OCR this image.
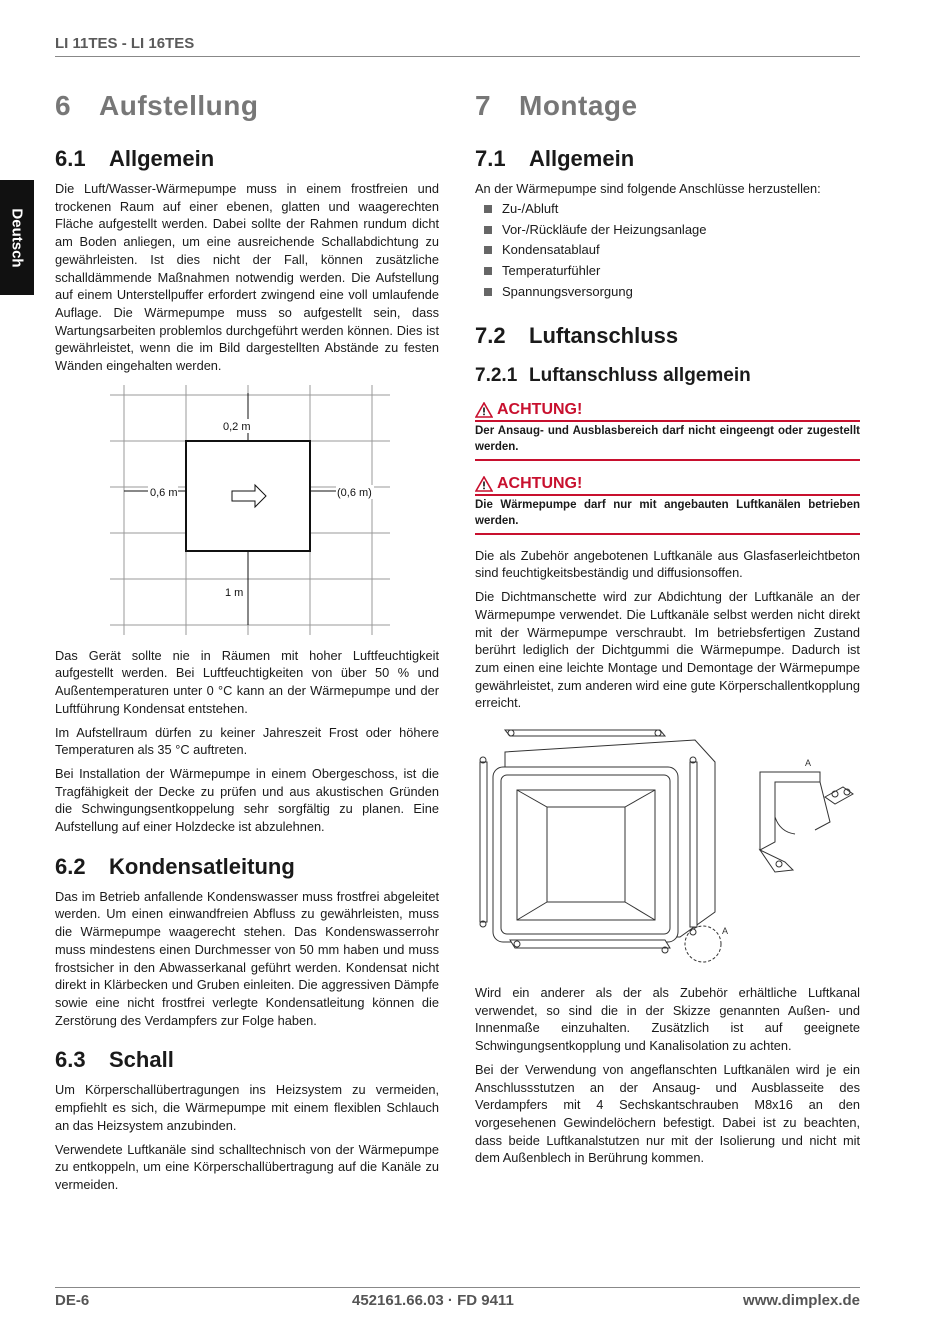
LI 11TES - LI 16TES
Deutsch
6 Aufstellung
6.1 Allgemein

Die Luft/Wasser-Wärmepumpe muss in einem frostfreien und trockenen Raum auf einer ebenen, glatten und waagerechten Fläche aufgestellt werden. Dabei sollte der Rahmen rundum dicht am Boden anliegen, um eine ausreichende Schallabdichtung zu gewährleisten. Ist dies nicht der Fall, können zusätzliche schalldämmende Maßnahmen notwendig werden. Die Aufstellung auf einem Unterstellpuffer erfordert zwingend eine voll umlaufende Auflage. Die Wärmepumpe muss so aufgestellt sein, dass Wartungsarbeiten problemlos durchgeführt werden können. Dies ist gewährleistet, wenn die im Bild dargestellten Abstände zu festen Wänden eingehalten werden.

0,2 m
0,6 m	(0,6 m)
1 m

Das Gerät sollte nie in Räumen mit hoher Luftfeuchtigkeit aufgestellt werden. Bei Luftfeuchtigkeiten von über 50 % und Außentemperaturen unter 0 °C kann an der Wärmepumpe und der Luftführung Kondensat entstehen.

Im Aufstellraum dürfen zu keiner Jahreszeit Frost oder höhere Temperaturen als 35 °C auftreten.

Bei Installation der Wärmepumpe in einem Obergeschoss, ist die Tragfähigkeit der Decke zu prüfen und aus akustischen Gründen die Schwingungsentkoppelung sehr sorgfältig zu planen. Eine Aufstellung auf einer Holzdecke ist abzulehnen.

6.2 Kondensatleitung

Das im Betrieb anfallende Kondenswasser muss frostfrei abgeleitet werden. Um einen einwandfreien Abfluss zu gewährleisten, muss die Wärmepumpe waagerecht stehen. Das Kondenswasserrohr muss mindestens einen Durchmesser von 50 mm haben und muss frostsicher in den Abwasserkanal geführt werden. Kondensat nicht direkt in Klärbecken und Gruben einleiten. Die aggressiven Dämpfe sowie eine nicht frostfrei verlegte Kondensatleitung können die Zerstörung des Verdampfers zur Folge haben.

6.3 Schall

Um Körperschallübertragungen ins Heizsystem zu vermeiden, empfiehlt es sich, die Wärmepumpe mit einem flexiblen Schlauch an das Heizsystem anzubinden.

Verwendete Luftkanäle sind schalltechnisch von der Wärmepumpe zu entkoppeln, um eine Körperschallübertragung auf die Kanäle zu vermeiden.

7 Montage
7.1 Allgemein

An der Wärmepumpe sind folgende Anschlüsse herzustellen:

Zu-/Abluft
Vor-/Rückläufe der Heizungsanlage
Kondensatablauf
Temperaturfühler
Spannungsversorgung
7.2 Luftanschluss
7.2.1 Luftanschluss allgemein
ACHTUNG!
Der Ansaug- und Ausblasbereich darf nicht eingeengt oder zugestellt werden.
ACHTUNG!
Die Wärmepumpe darf nur mit angebauten Luftkanälen betrieben werden.

Die als Zubehör angebotenen Luftkanäle aus Glasfaserleichtbeton sind feuchtigkeitsbeständig und diffusionsoffen.

Die Dichtmanschette wird zur Abdichtung der Luftkanäle an der Wärmepumpe verwendet. Die Luftkanäle selbst werden nicht direkt mit der Wärmepumpe verschraubt. Im betriebsfertigen Zustand berührt lediglich der Dichtgummi die Wärmepumpe. Dadurch ist zum einen eine leichte Montage und Demontage der Wärmepumpe gewährleistet, zum anderen wird eine gute Körperschallentkopplung erreicht.

A
A

Wird ein anderer als der als Zubehör erhältliche Luftkanal verwendet, so sind die in der Skizze genannten Außen- und Innenmaße einzuhalten. Zusätzlich ist auf geeignete Schwingungsentkopplung und Kanalisolation zu achten.

Bei der Verwendung von angeflanschten Luftkanälen wird je ein Anschlussstutzen an der Ansaug- und Ausblasseite des Verdampfers mit 4 Sechskantschrauben M8x16 an den vorgesehenen Gewindelöchern befestigt. Dabei ist zu beachten, dass beide Luftkanalstutzen nur mit der Isolierung und nicht mit dem Außenblech in Berührung kommen.

DE-6	452161.66.03 · FD 9411	www.dimplex.de
